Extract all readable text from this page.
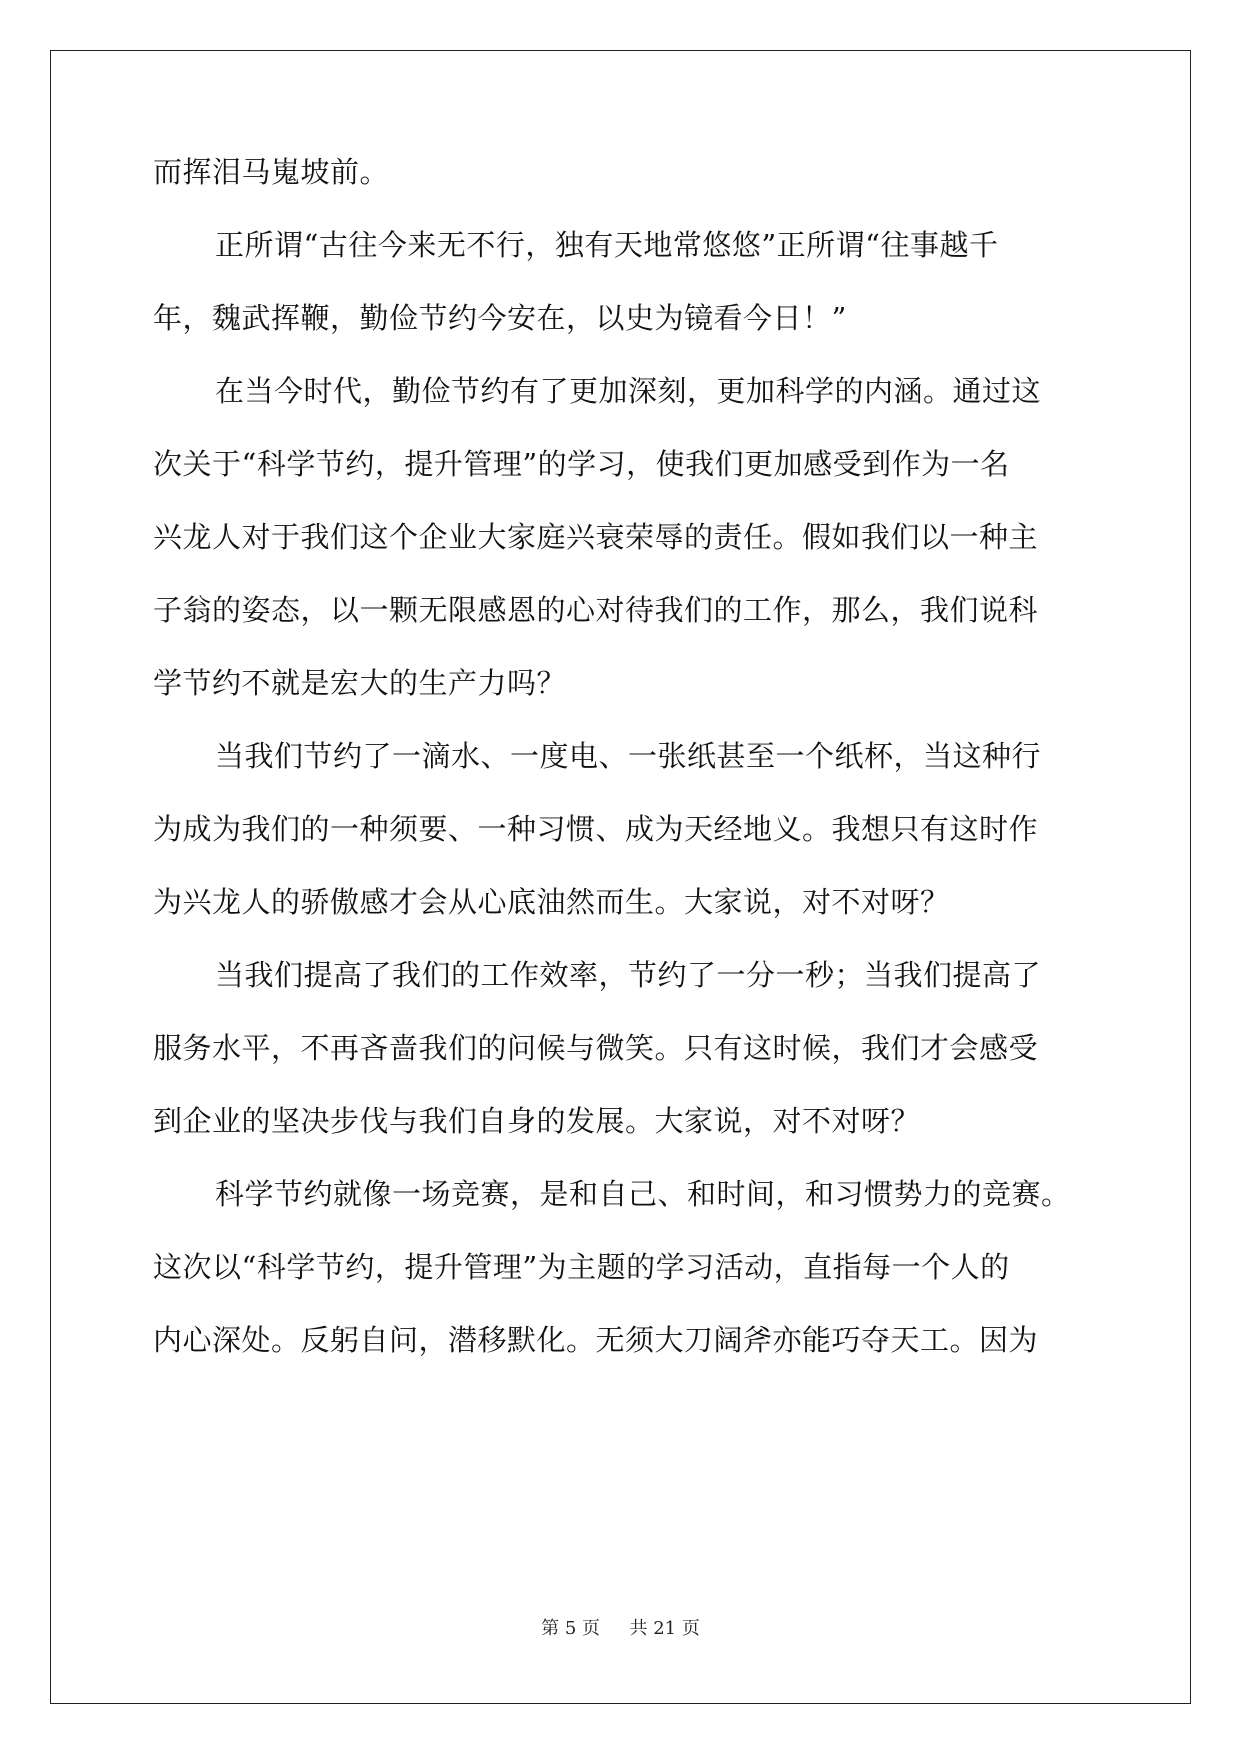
而挥泪马嵬坡前。
正所谓“古往今来无不行，独有天地常悠悠”正所谓“往事越千
年，魏武挥鞭，勤俭节约今安在，以史为镜看今日！”
在当今时代，勤俭节约有了更加深刻，更加科学的内涵。通过这
次关于“科学节约，提升管理”的学习，使我们更加感受到作为一名
兴龙人对于我们这个企业大家庭兴衰荣辱的责任。假如我们以一种主
子翁的姿态，以一颗无限感恩的心对待我们的工作，那么，我们说科
学节约不就是宏大的生产力吗？
当我们节约了一滴水、一度电、一张纸甚至一个纸杯，当这种行
为成为我们的一种须要、一种习惯、成为天经地义。我想只有这时作
为兴龙人的骄傲感才会从心底油然而生。大家说，对不对呀？
当我们提高了我们的工作效率，节约了一分一秒；当我们提高了
服务水平，不再吝啬我们的问候与微笑。只有这时候，我们才会感受
到企业的坚决步伐与我们自身的发展。大家说，对不对呀？
科学节约就像一场竞赛，是和自己、和时间，和习惯势力的竞赛。
这次以“科学节约，提升管理”为主题的学习活动，直指每一个人的
内心深处。反躬自问，潜移默化。无须大刀阔斧亦能巧夺天工。因为
第 5 页 共 21 页
